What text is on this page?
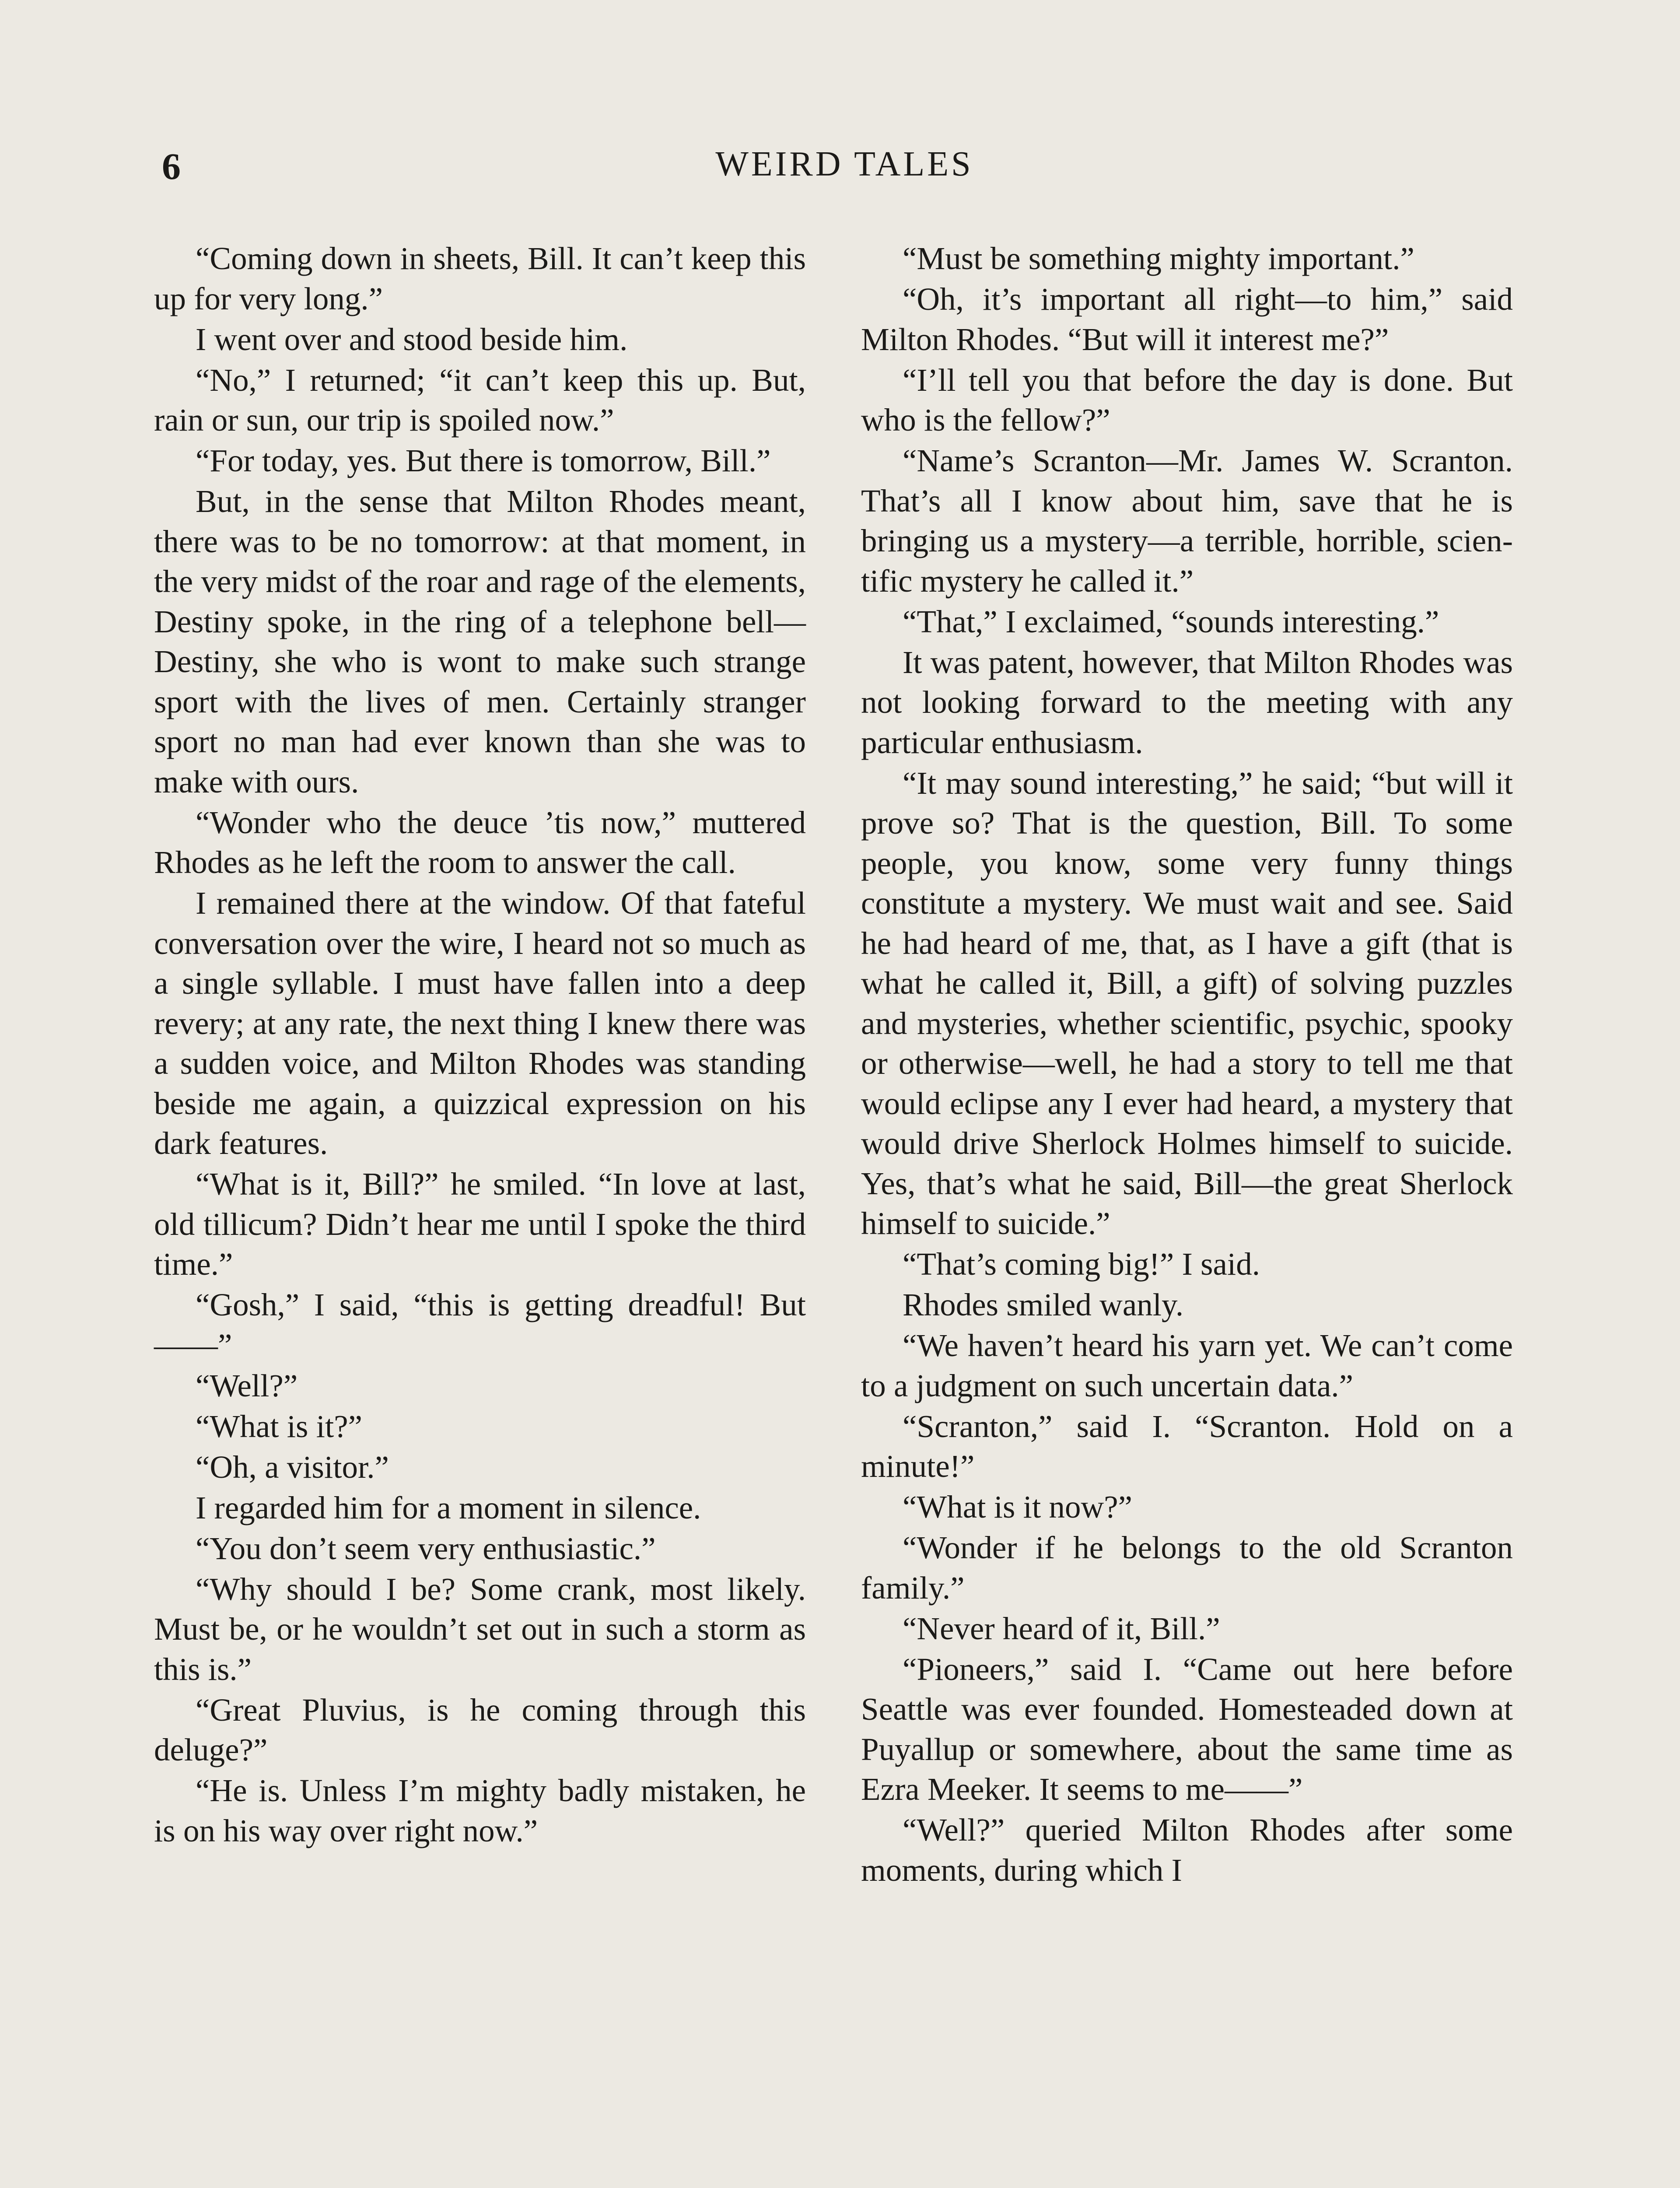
6	WEIRD TALES

“Coming down in sheets, Bill. It can’t keep this up for very long.”

I went over and stood beside him.

“No,” I returned; “it can’t keep this up. But, rain or sun, our trip is spoiled now.”

“For today, yes. But there is tomorrow, Bill.”

But, in the sense that Milton Rhodes meant, there was to be no tomorrow: at that moment, in the very midst of the roar and rage of the elements, Destiny spoke, in the ring of a telephone bell—Destiny, she who is wont to make such strange sport with the lives of men. Certainly stranger sport no man had ever known than she was to make with ours.

“Wonder who the deuce ’tis now,” muttered Rhodes as he left the room to answer the call.

I remained there at the window. Of that fateful conversation over the wire, I heard not so much as a single syllable. I must have fallen into a deep revery; at any rate, the next thing I knew there was a sudden voice, and Milton Rhodes was standing beside me again, a quizzical expression on his dark features.

“What is it, Bill?” he smiled. “In love at last, old tillicum? Didn’t hear me until I spoke the third time.”

“Gosh,” I said, “this is getting dreadful! But——”

“Well?”

“What is it?”

“Oh, a visitor.”

I regarded him for a moment in silence.

“You don’t seem very enthusiastic.”

“Why should I be? Some crank, most likely. Must be, or he wouldn’t set out in such a storm as this is.”

“Great Pluvius, is he coming through this deluge?”

“He is. Unless I’m mighty badly mistaken, he is on his way over right now.”

“Must be something mighty important.”

“Oh, it’s important all right—to him,” said Milton Rhodes. “But will it interest me?”

“I’ll tell you that before the day is done. But who is the fellow?”

“Name’s Scranton—Mr. James W. Scranton. That’s all I know about him, save that he is bringing us a mystery—a terrible, horrible, scientific mystery he called it.”

“That,” I exclaimed, “sounds interesting.”

It was patent, however, that Milton Rhodes was not looking forward to the meeting with any particular enthusiasm.

“It may sound interesting,” he said; “but will it prove so? That is the question, Bill. To some people, you know, some very funny things constitute a mystery. We must wait and see. Said he had heard of me, that, as I have a gift (that is what he called it, Bill, a gift) of solving puzzles and mysteries, whether scientific, psychic, spooky or otherwise—well, he had a story to tell me that would eclipse any I ever had heard, a mystery that would drive Sherlock Holmes himself to suicide. Yes, that’s what he said, Bill—the great Sherlock himself to suicide.”

“That’s coming big!” I said.

Rhodes smiled wanly.

“We haven’t heard his yarn yet. We can’t come to a judgment on such uncertain data.”

“Scranton,” said I. “Scranton. Hold on a minute!”

“What is it now?”

“Wonder if he belongs to the old Scranton family.”

“Never heard of it, Bill.”

“Pioneers,” said I. “Came out here before Seattle was ever founded. Homesteaded down at Puyallup or somewhere, about the same time as Ezra Meeker. It seems to me——”

“Well?” queried Milton Rhodes after some moments, during which I
